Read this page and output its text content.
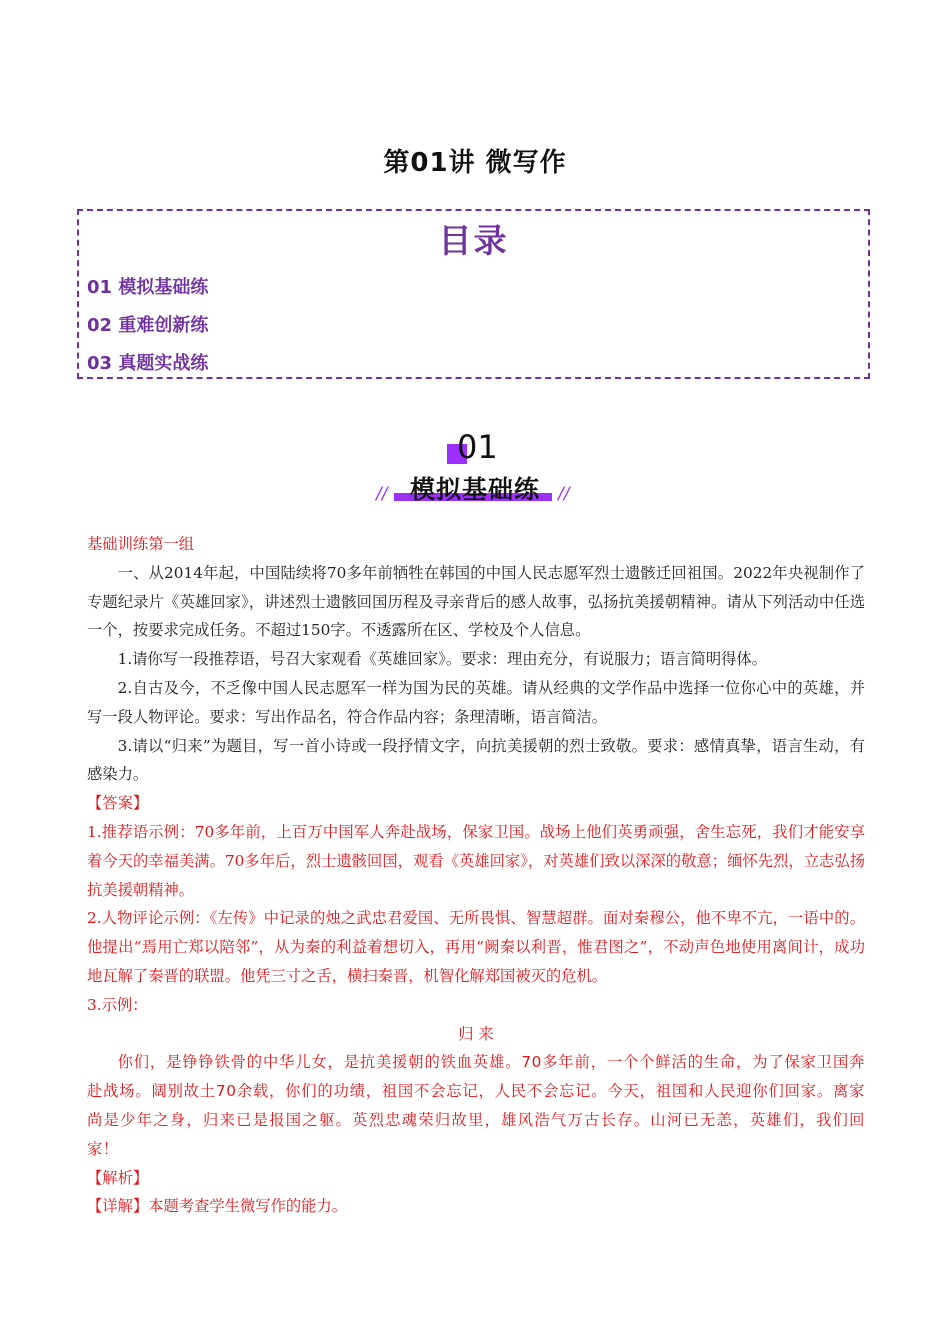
第01讲 微写作
目录
01 模拟基础练
02 重难创新练
03 真题实战练
01
//	//
模拟基础练

基础训练第一组

一、从2014年起，中国陆续将70多年前牺牲在韩国的中国人民志愿军烈士遗骸迁回祖国。2022年央视制作了专题纪录片《英雄回家》，讲述烈士遗骸回国历程及寻亲背后的感人故事，弘扬抗美援朝精神。请从下列活动中任选一个，按要求完成任务。不超过150字。不透露所在区、学校及个人信息。

1.请你写一段推荐语，号召大家观看《英雄回家》。要求：理由充分，有说服力；语言简明得体。

2.自古及今，不乏像中国人民志愿军一样为国为民的英雄。请从经典的文学作品中选择一位你心中的英雄，并写一段人物评论。要求：写出作品名，符合作品内容；条理清晰，语言简洁。

3.请以“归来”为题目，写一首小诗或一段抒情文字，向抗美援朝的烈士致敬。要求：感情真挚，语言生动，有感染力。

【答案】

1.推荐语示例：70多年前，上百万中国军人奔赴战场，保家卫国。战场上他们英勇顽强，舍生忘死，我们才能安享着今天的幸福美满。70多年后，烈士遗骸回国，观看《英雄回家》，对英雄们致以深深的敬意；缅怀先烈，立志弘扬抗美援朝精神。

2.人物评论示例：《左传》中记录的烛之武忠君爱国、无所畏惧、智慧超群。面对秦穆公，他不卑不亢，一语中的。他提出“焉用亡郑以陪邻”，从为秦的利益着想切入，再用“阙秦以利晋，惟君图之”，不动声色地使用离间计，成功地瓦解了秦晋的联盟。他凭三寸之舌，横扫秦晋，机智化解郑国被灭的危机。

3.示例：

归 来

你们，是铮铮铁骨的中华儿女，是抗美援朝的铁血英雄。70多年前，一个个鲜活的生命，为了保家卫国奔赴战场。阔别故土70余载，你们的功绩，祖国不会忘记，人民不会忘记。今天，祖国和人民迎你们回家。离家尚是少年之身，归来已是报国之躯。英烈忠魂荣归故里，雄风浩气万古长存。山河已无恙，英雄们，我们回家！

【解析】

【详解】本题考查学生微写作的能力。
